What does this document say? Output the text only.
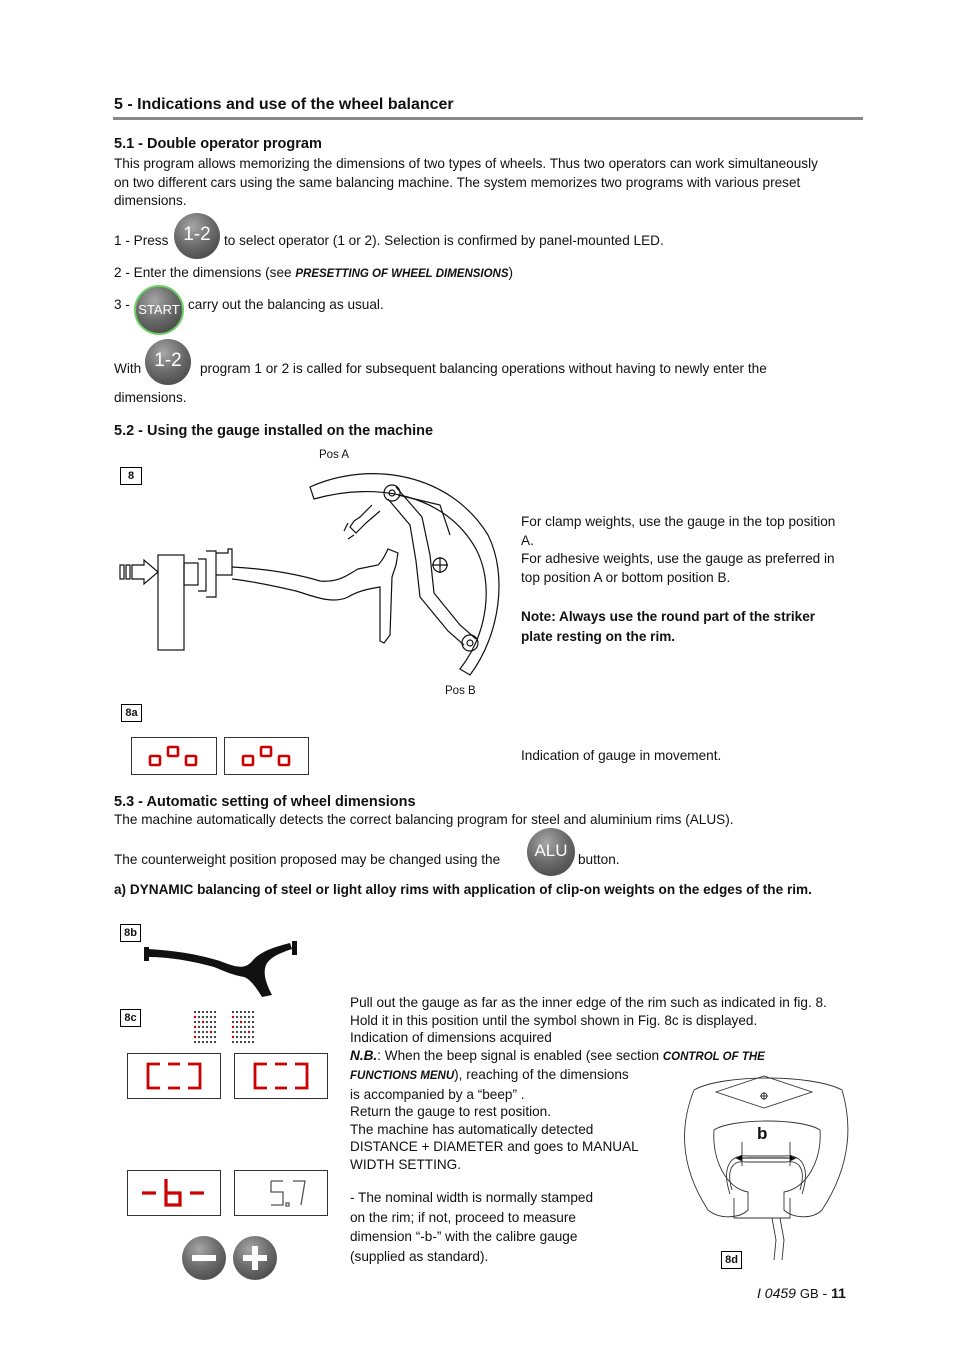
5 - Indications and use of the wheel balancer
5.1 - Double operator program
This program allows memorizing the dimensions of two types of wheels. Thus two operators can work simultaneously
on two different cars using the same balancing machine. The system memorizes two programs with various preset
dimensions.
1 - Press 1-2 to select operator (1 or 2). Selection is confirmed by panel-mounted LED.
2 - Enter the dimensions (see PRESETTING OF WHEEL DIMENSIONS)
3 - START carry out the balancing as usual.
With 1-2	program 1 or 2 is called for subsequent balancing operations without having to newly enter the
dimensions.
5.2 - Using the gauge installed on the machine
Pos A
8
For clamp weights, use the gauge in the top position
A.
For adhesive weights, use the gauge as preferred in
top position A or bottom position B.
Note: Always use the round part of the striker
plate resting on the rim.
Pos B
8a
Indication of gauge in movement.
5.3 - Automatic setting of wheel dimensions
The machine automatically detects the correct balancing program for steel and aluminium rims (ALUS).
The counterweight position proposed may be changed using the	ALU button.
a) DYNAMIC balancing of steel or light alloy rims with application of clip-on weights on the edges of the rim.
8b
8c
Pull out the gauge as far as the inner edge of the rim such as indicated in fig. 8.
Hold it in this position until the symbol shown in Fig. 8c is displayed.
Indication of dimensions acquired
N.B.: When the beep signal is enabled (see section CONTROL OF THE
FUNCTIONS MENU), reaching of the dimensions
is accompanied by a “beep” .
Return the gauge to rest position.
The machine has automatically detected
DISTANCE + DIAMETER and goes to MANUAL
WIDTH SETTING.
- The nominal width is normally stamped
on the rim; if not, proceed to measure
dimension “-b-” with the calibre gauge
(supplied as standard).
b
8d
I 0459 GB - 11
